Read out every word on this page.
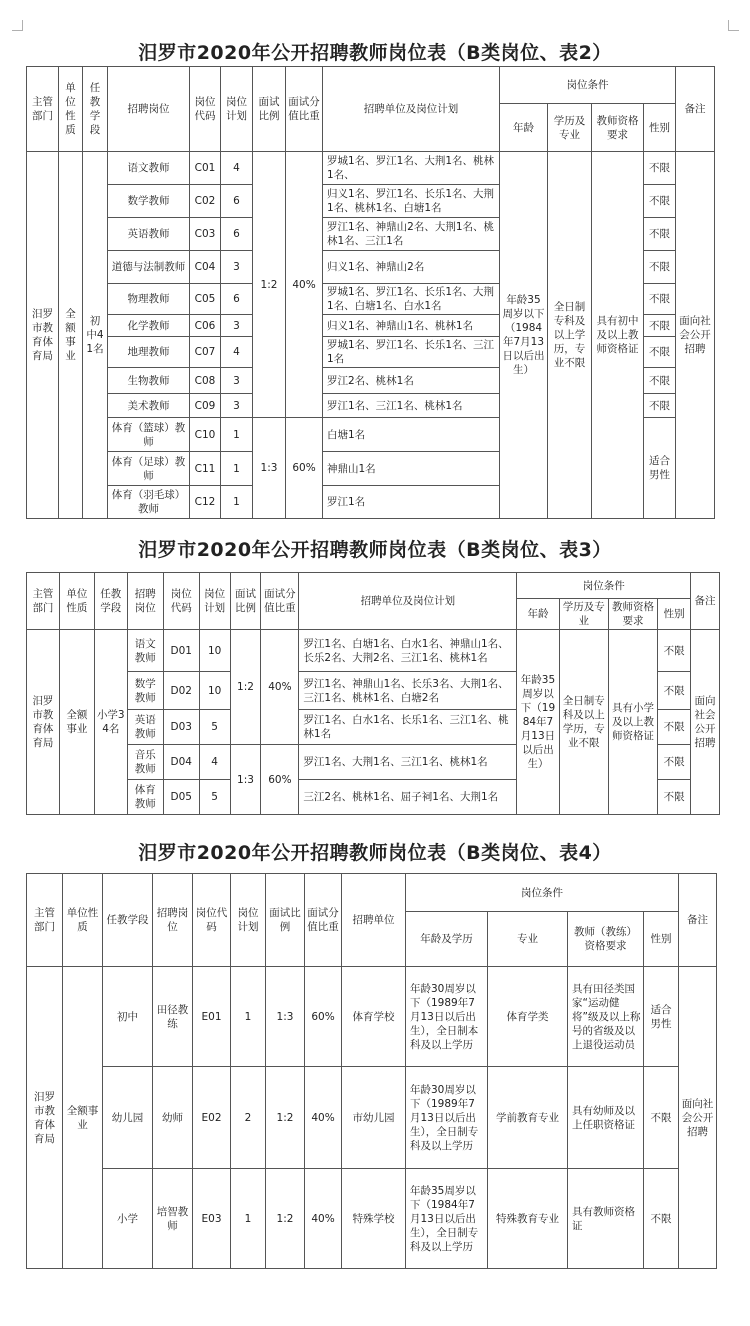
汨罗市2020年公开招聘教师岗位表（B类岗位、表2）
主管部门	单位性质	任教学段	招聘岗位	岗位代码	岗位计划	面试比例	面试分值比重	招聘单位及岗位计划	岗位条件				备注
									年龄	学历及专业	教师资格要求	性别	
汨罗市教育体育局	全额事业	初中41名	语文教师	C01	4	1:2	40%	罗城1名、罗江1名、大荆1名、桃林1名、	年龄35周岁以下（1984年7月13日以后出生）	全日制专科及以上学历，专业不限	具有初中及以上教师资格证	不限	面向社会公开招聘
			数学教师	C02	6			归义1名、罗江1名、长乐1名、大荆1名、桃林1名、白塘1名				不限	
			英语教师	C03	6			罗江1名、神鼎山2名、大荆1名、桃林1名、三江1名				不限	
			道德与法制教师	C04	3			归义1名、神鼎山2名				不限	
			物理教师	C05	6			罗城1名、罗江1名、长乐1名、大荆1名、白塘1名、白水1名				不限	
			化学教师	C06	3			归义1名、神鼎山1名、桃林1名				不限	
			地理教师	C07	4			罗城1名、罗江1名、长乐1名、三江1名				不限	
			生物教师	C08	3			罗江2名、桃林1名				不限	
			美术教师	C09	3			罗江1名、三江1名、桃林1名				不限	
			体育（篮球）教师	C10	1	1:3	60%	白塘1名				适合男性	
			体育（足球）教师	C11	1			神鼎山1名					
			体育（羽毛球）教师	C12	1			罗江1名					
汨罗市2020年公开招聘教师岗位表（B类岗位、表3）
主管部门	单位性质	任教学段	招聘岗位	岗位代码	岗位计划	面试比例	面试分值比重	招聘单位及岗位计划	岗位条件				备注
									年龄	学历及专业	教师资格要求	性别	
汨罗市教育体育局	全额事业	小学34名	语文教师	D01	10	1:2	40%	罗江1名、白塘1名、白水1名、神鼎山1名、长乐2名、大荆2名、三江1名、桃林1名	年龄35周岁以下（1984年7月13日以后出生）	全日制专科及以上学历，专业不限	具有小学及以上教师资格证	不限	面向社会公开招聘
			数学教师	D02	10			罗江1名、神鼎山1名、长乐3名、大荆1名、三江1名、桃林1名、白塘2名				不限	
			英语教师	D03	5			罗江1名、白水1名、长乐1名、三江1名、桃林1名				不限	
			音乐教师	D04	4	1:3	60%	罗江1名、大荆1名、三江1名、桃林1名				不限	
			体育教师	D05	5			三江2名、桃林1名、屈子祠1名、大荆1名				不限	
汨罗市2020年公开招聘教师岗位表（B类岗位、表4）
主管部门	单位性质	任教学段	招聘岗位	岗位代码	岗位计划	面试比例	面试分值比重	招聘单位	岗位条件				备注
									年龄及学历	专业	教师（教练）资格要求	性别	
汨罗市教育体育局	全额事业	初中	田径教练	E01	1	1:3	60%	体育学校	年龄30周岁以下（1989年7月13日以后出生），全日制本科及以上学历	体育学类	具有田径类国家“运动健将”级及以上称号的省级及以上退役运动员	适合男性	面向社会公开招聘
		幼儿园	幼师	E02	2	1:2	40%	市幼儿园	年龄30周岁以下（1989年7月13日以后出生），全日制专科及以上学历	学前教育专业	具有幼师及以上任职资格证	不限	
		小学	培智教师	E03	1	1:2	40%	特殊学校	年龄35周岁以下（1984年7月13日以后出生），全日制专科及以上学历	特殊教育专业	具有教师资格证	不限	
